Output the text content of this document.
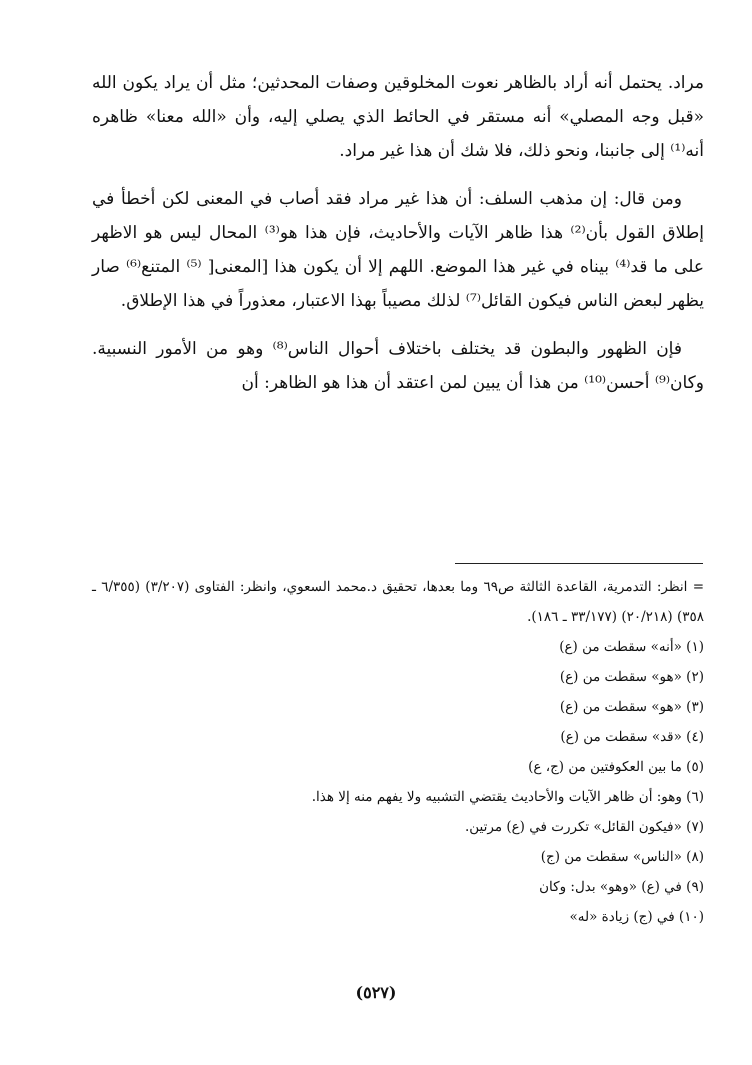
مراد. يحتمل أنه أراد بالظاهر نعوت المخلوقين وصفات المحدثين؛ مثل أن يراد يكون الله «قبل وجه المصلي» أنه مستقر في الحائط الذي يصلي إليه، وأن «الله معنا» ظاهره أنه⁽¹⁾ إلى جانبنا، ونحو ذلك، فلا شك أن هذا غير مراد.

ومن قال: إن مذهب السلف: أن هذا غير مراد فقد أصاب في المعنى لكن أخطأ في إطلاق القول بأن⁽²⁾ هذا ظاهر الآيات والأحاديث، فإن هذا هو⁽³⁾ المحال ليس هو الاظهر على ما قد⁽⁴⁾ بيناه في غير هذا الموضع. اللهم إلا أن يكون هذا [المعنى[ ⁽⁵⁾ المتنع⁽⁶⁾ صار يظهر لبعض الناس فيكون القائل⁽⁷⁾ لذلك مصيباً بهذا الاعتبار، معذوراً في هذا الإطلاق.

فإن الظهور والبطون قد يختلف باختلاف أحوال الناس⁽⁸⁾ وهو من الأمور النسبية. وكان⁽⁹⁾ أحسن⁽¹⁰⁾ من هذا أن يبين لمن اعتقد أن هذا هو الظاهر: أن

= انظر: التدمرية، القاعدة الثالثة ص٦٩ وما بعدها، تحقيق د.محمد السعوي، وانظر: الفتاوى (٣/٢٠٧) (٦/٣٥٥ ـ ٣٥٨) (٢٠/٢١٨) (٣٣/١٧٧ ـ ١٨٦).

(١) «أنه» سقطت من (ع)
(٢) «هو» سقطت من (ع)
(٣) «هو» سقطت من (ع)
(٤) «قد» سقطت من (ع)
(٥) ما بين العكوفتين من (ج، ع)
(٦) وهو: أن ظاهر الآيات والأحاديث يقتضي التشبيه ولا يفهم منه إلا هذا.
(٧) «فيكون القائل» تكررت في (ع) مرتين.
(٨) «الناس» سقطت من (ج)
(٩) في (ع) «وهو» بدل: وكان
(١٠) في (ج) زيادة «له»
(٥٢٧)
